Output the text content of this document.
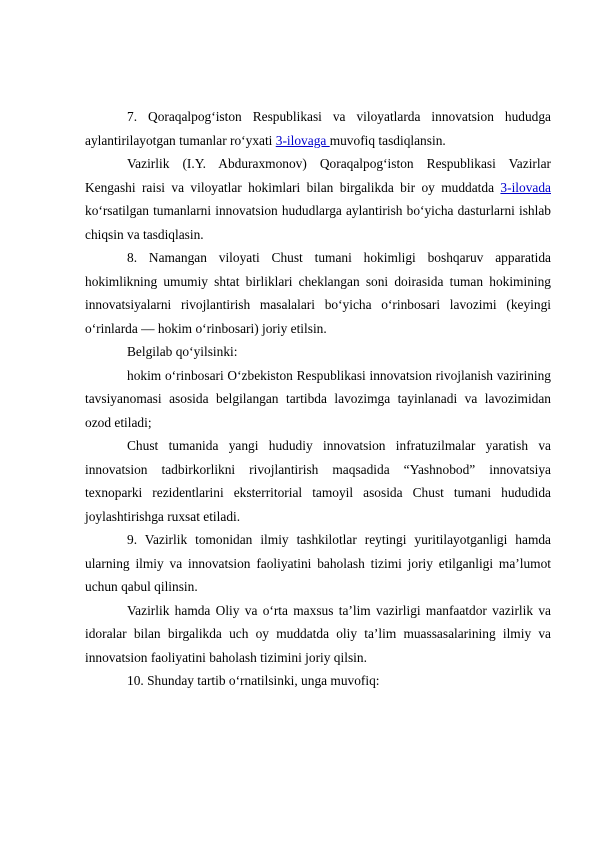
7. Qoraqalpog‘iston Respublikasi va viloyatlarda innovatsion hududga aylantirilayotgan tumanlar ro‘yxati 3-ilovaga muvofiq tasdiqlansin.

Vazirlik (I.Y. Abduraxmonov) Qoraqalpog‘iston Respublikasi Vazirlar Kengashi raisi va viloyatlar hokimlari bilan birgalikda bir oy muddatda 3-ilovada ko‘rsatilgan tumanlarni innovatsion hududlarga aylantirish bo‘yicha dasturlarni ishlab chiqsin va tasdiqlasin.

8. Namangan viloyati Chust tumani hokimligi boshqaruv apparatida hokimlikning umumiy shtat birliklari cheklangan soni doirasida tuman hokimining innovatsiyalarni rivojlantirish masalalari bo‘yicha o‘rinbosari lavozimi (keyingi o‘rinlarda — hokim o‘rinbosari) joriy etilsin.

Belgilab qo‘yilsinki:

hokim o‘rinbosari O‘zbekiston Respublikasi innovatsion rivojlanish vazirining tavsiyanomasi asosida belgilangan tartibda lavozimga tayinlanadi va lavozimidan ozod etiladi;

Chust tumanida yangi hududiy innovatsion infratuzilmalar yaratish va innovatsion tadbirkorlikni rivojlantirish maqsadida “Yashnobod” innovatsiya texnoparki rezidentlarini eksterritorial tamoyil asosida Chust tumani hududida joylashtirishga ruxsat etiladi.

9. Vazirlik tomonidan ilmiy tashkilotlar reytingi yuritilayotganligi hamda ularning ilmiy va innovatsion faoliyatini baholash tizimi joriy etilganligi ma’lumot uchun qabul qilinsin.

Vazirlik hamda Oliy va o‘rta maxsus ta’lim vazirligi manfaatdor vazirlik va idoralar bilan birgalikda uch oy muddatda oliy ta’lim muassasalarining ilmiy va innovatsion faoliyatini baholash tizimini joriy qilsin.

10. Shunday tartib o‘rnatilsinki, unga muvofiq:
